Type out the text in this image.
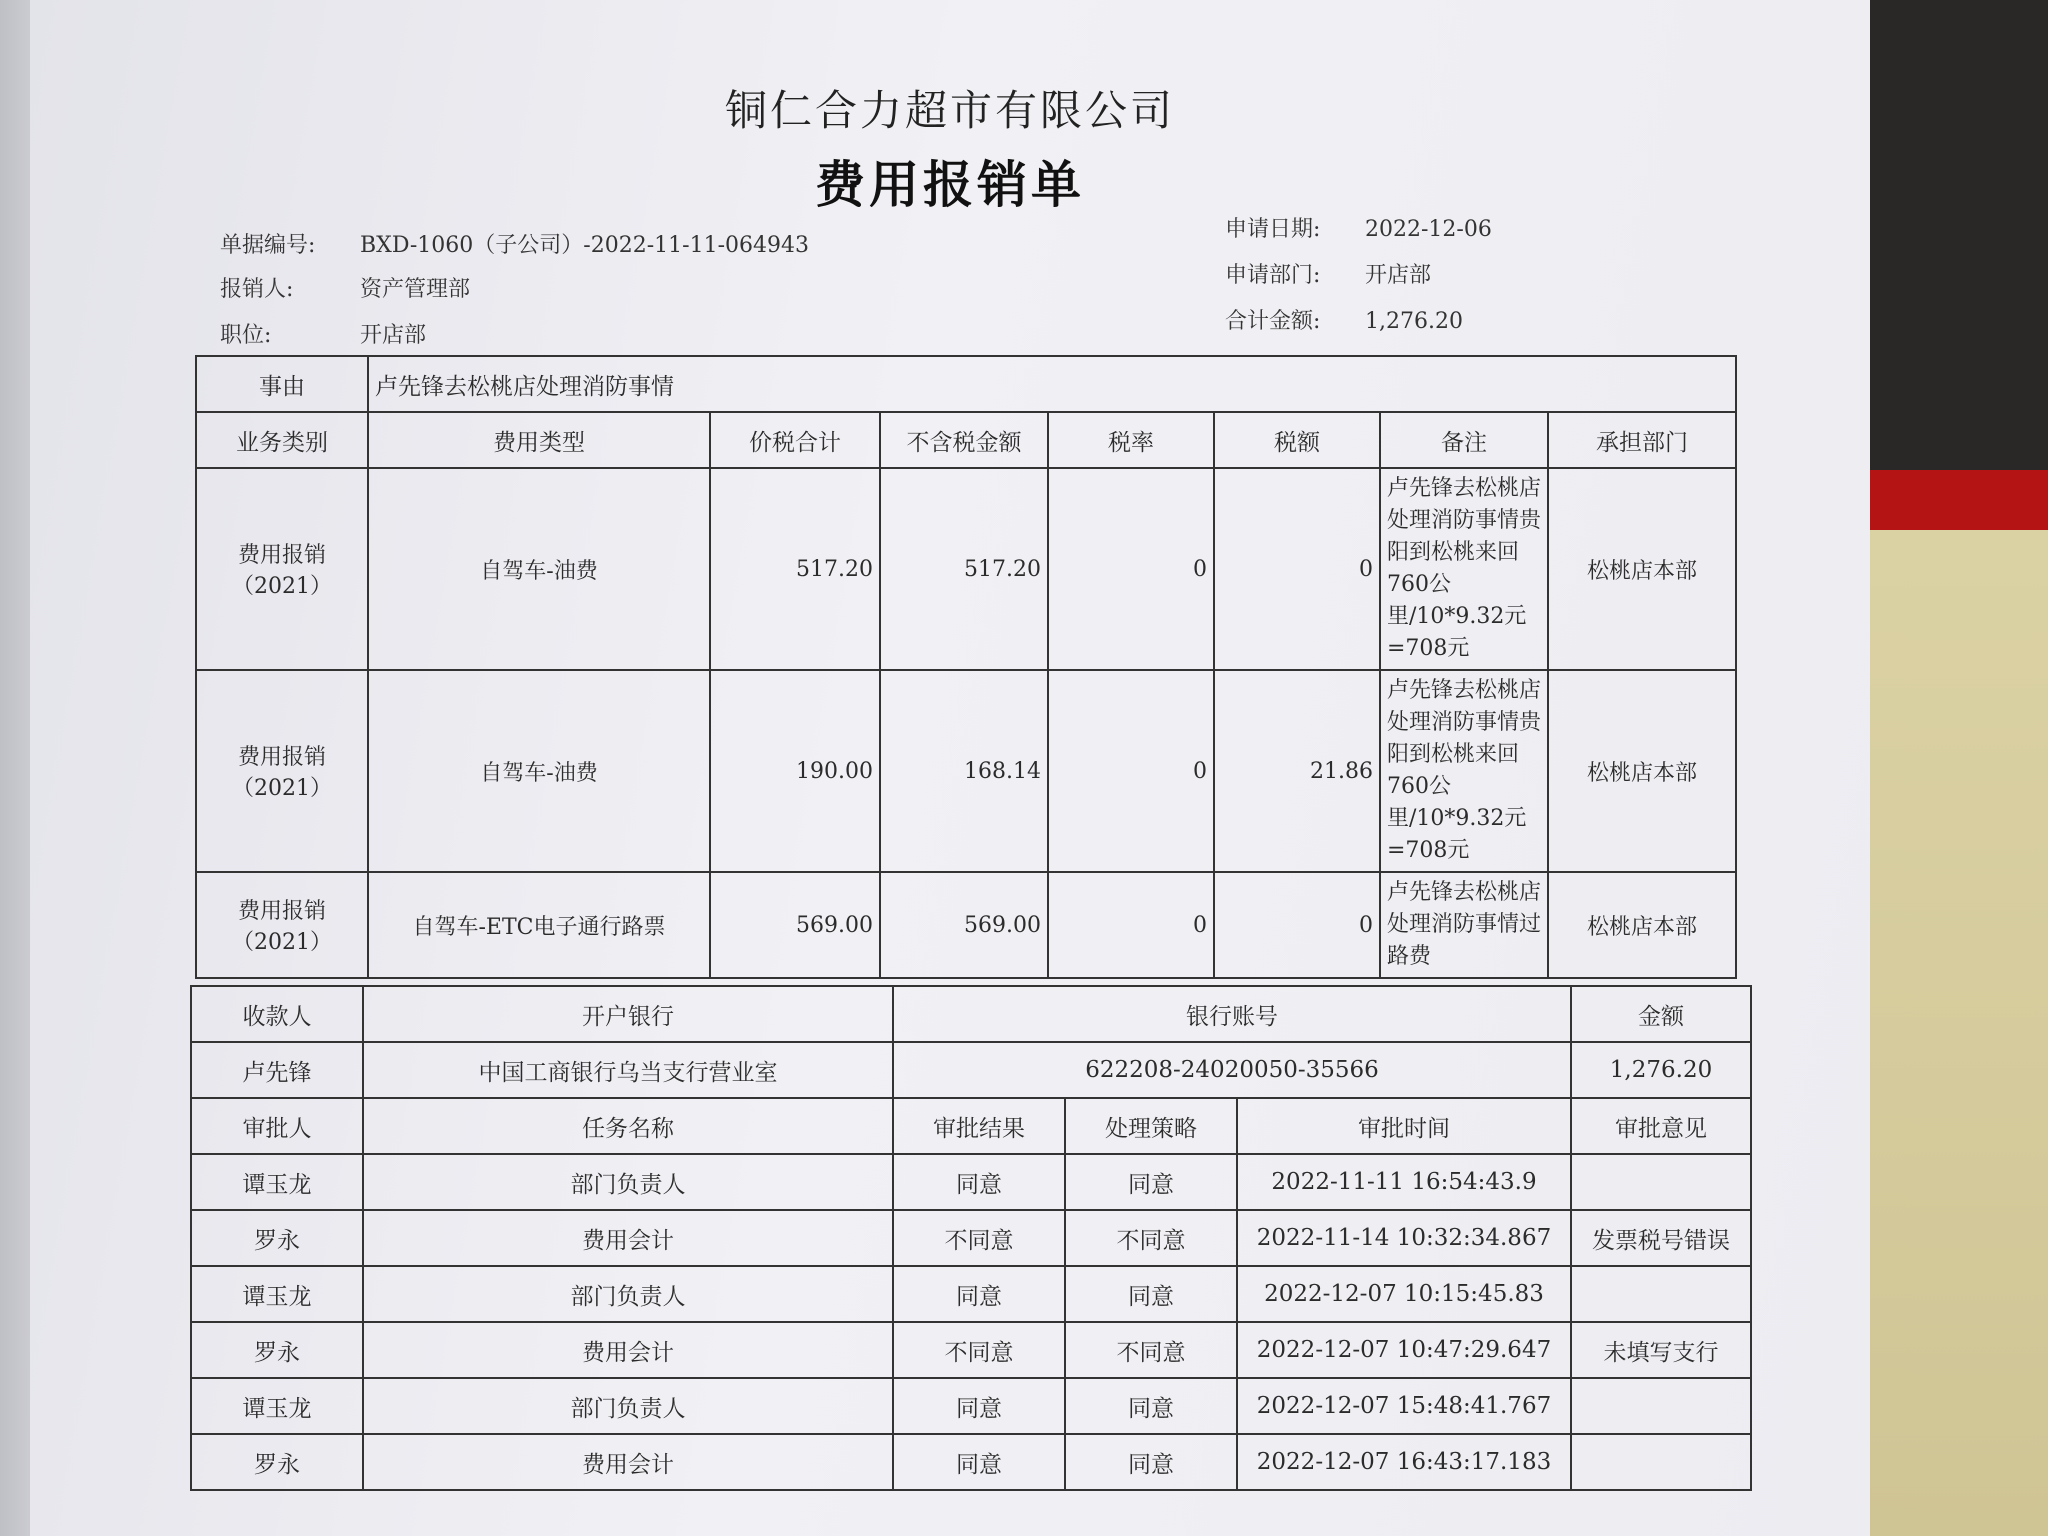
铜仁合力超市有限公司
费用报销单
单据编号: BXD-1060（子公司）-2022-11-11-064943
报销人:	资产管理部
职位:	开店部
申请日期: 2022-12-06
申请部门: 开店部
合计金额: 1,276.20
事由	卢先锋去松桃店处理消防事情						
业务类别	费用类型	价税合计	不含税金额	税率	税额	备注	承担部门
费用报销（2021）	自驾车-油费	517.20	517.20	0	0	卢先锋去松桃店处理消防事情贵阳到松桃来回760公里/10*9.32元=708元	松桃店本部
费用报销（2021）	自驾车-油费	190.00	168.14	0	21.86	卢先锋去松桃店处理消防事情贵阳到松桃来回760公里/10*9.32元=708元	松桃店本部
费用报销（2021）	自驾车-ETC电子通行路票	569.00	569.00	0	0	卢先锋去松桃店处理消防事情过路费	松桃店本部
收款人	开户银行	银行账号			金额
卢先锋	中国工商银行乌当支行营业室	622208-24020050-35566			1,276.20
审批人	任务名称	审批结果	处理策略	审批时间	审批意见
谭玉龙	部门负责人	同意	同意	2022-11-11 16:54:43.9	
罗永	费用会计	不同意	不同意	2022-11-14 10:32:34.867	发票税号错误
谭玉龙	部门负责人	同意	同意	2022-12-07 10:15:45.83	
罗永	费用会计	不同意	不同意	2022-12-07 10:47:29.647	未填写支行
谭玉龙	部门负责人	同意	同意	2022-12-07 15:48:41.767	
罗永	费用会计	同意	同意	2022-12-07 16:43:17.183	
